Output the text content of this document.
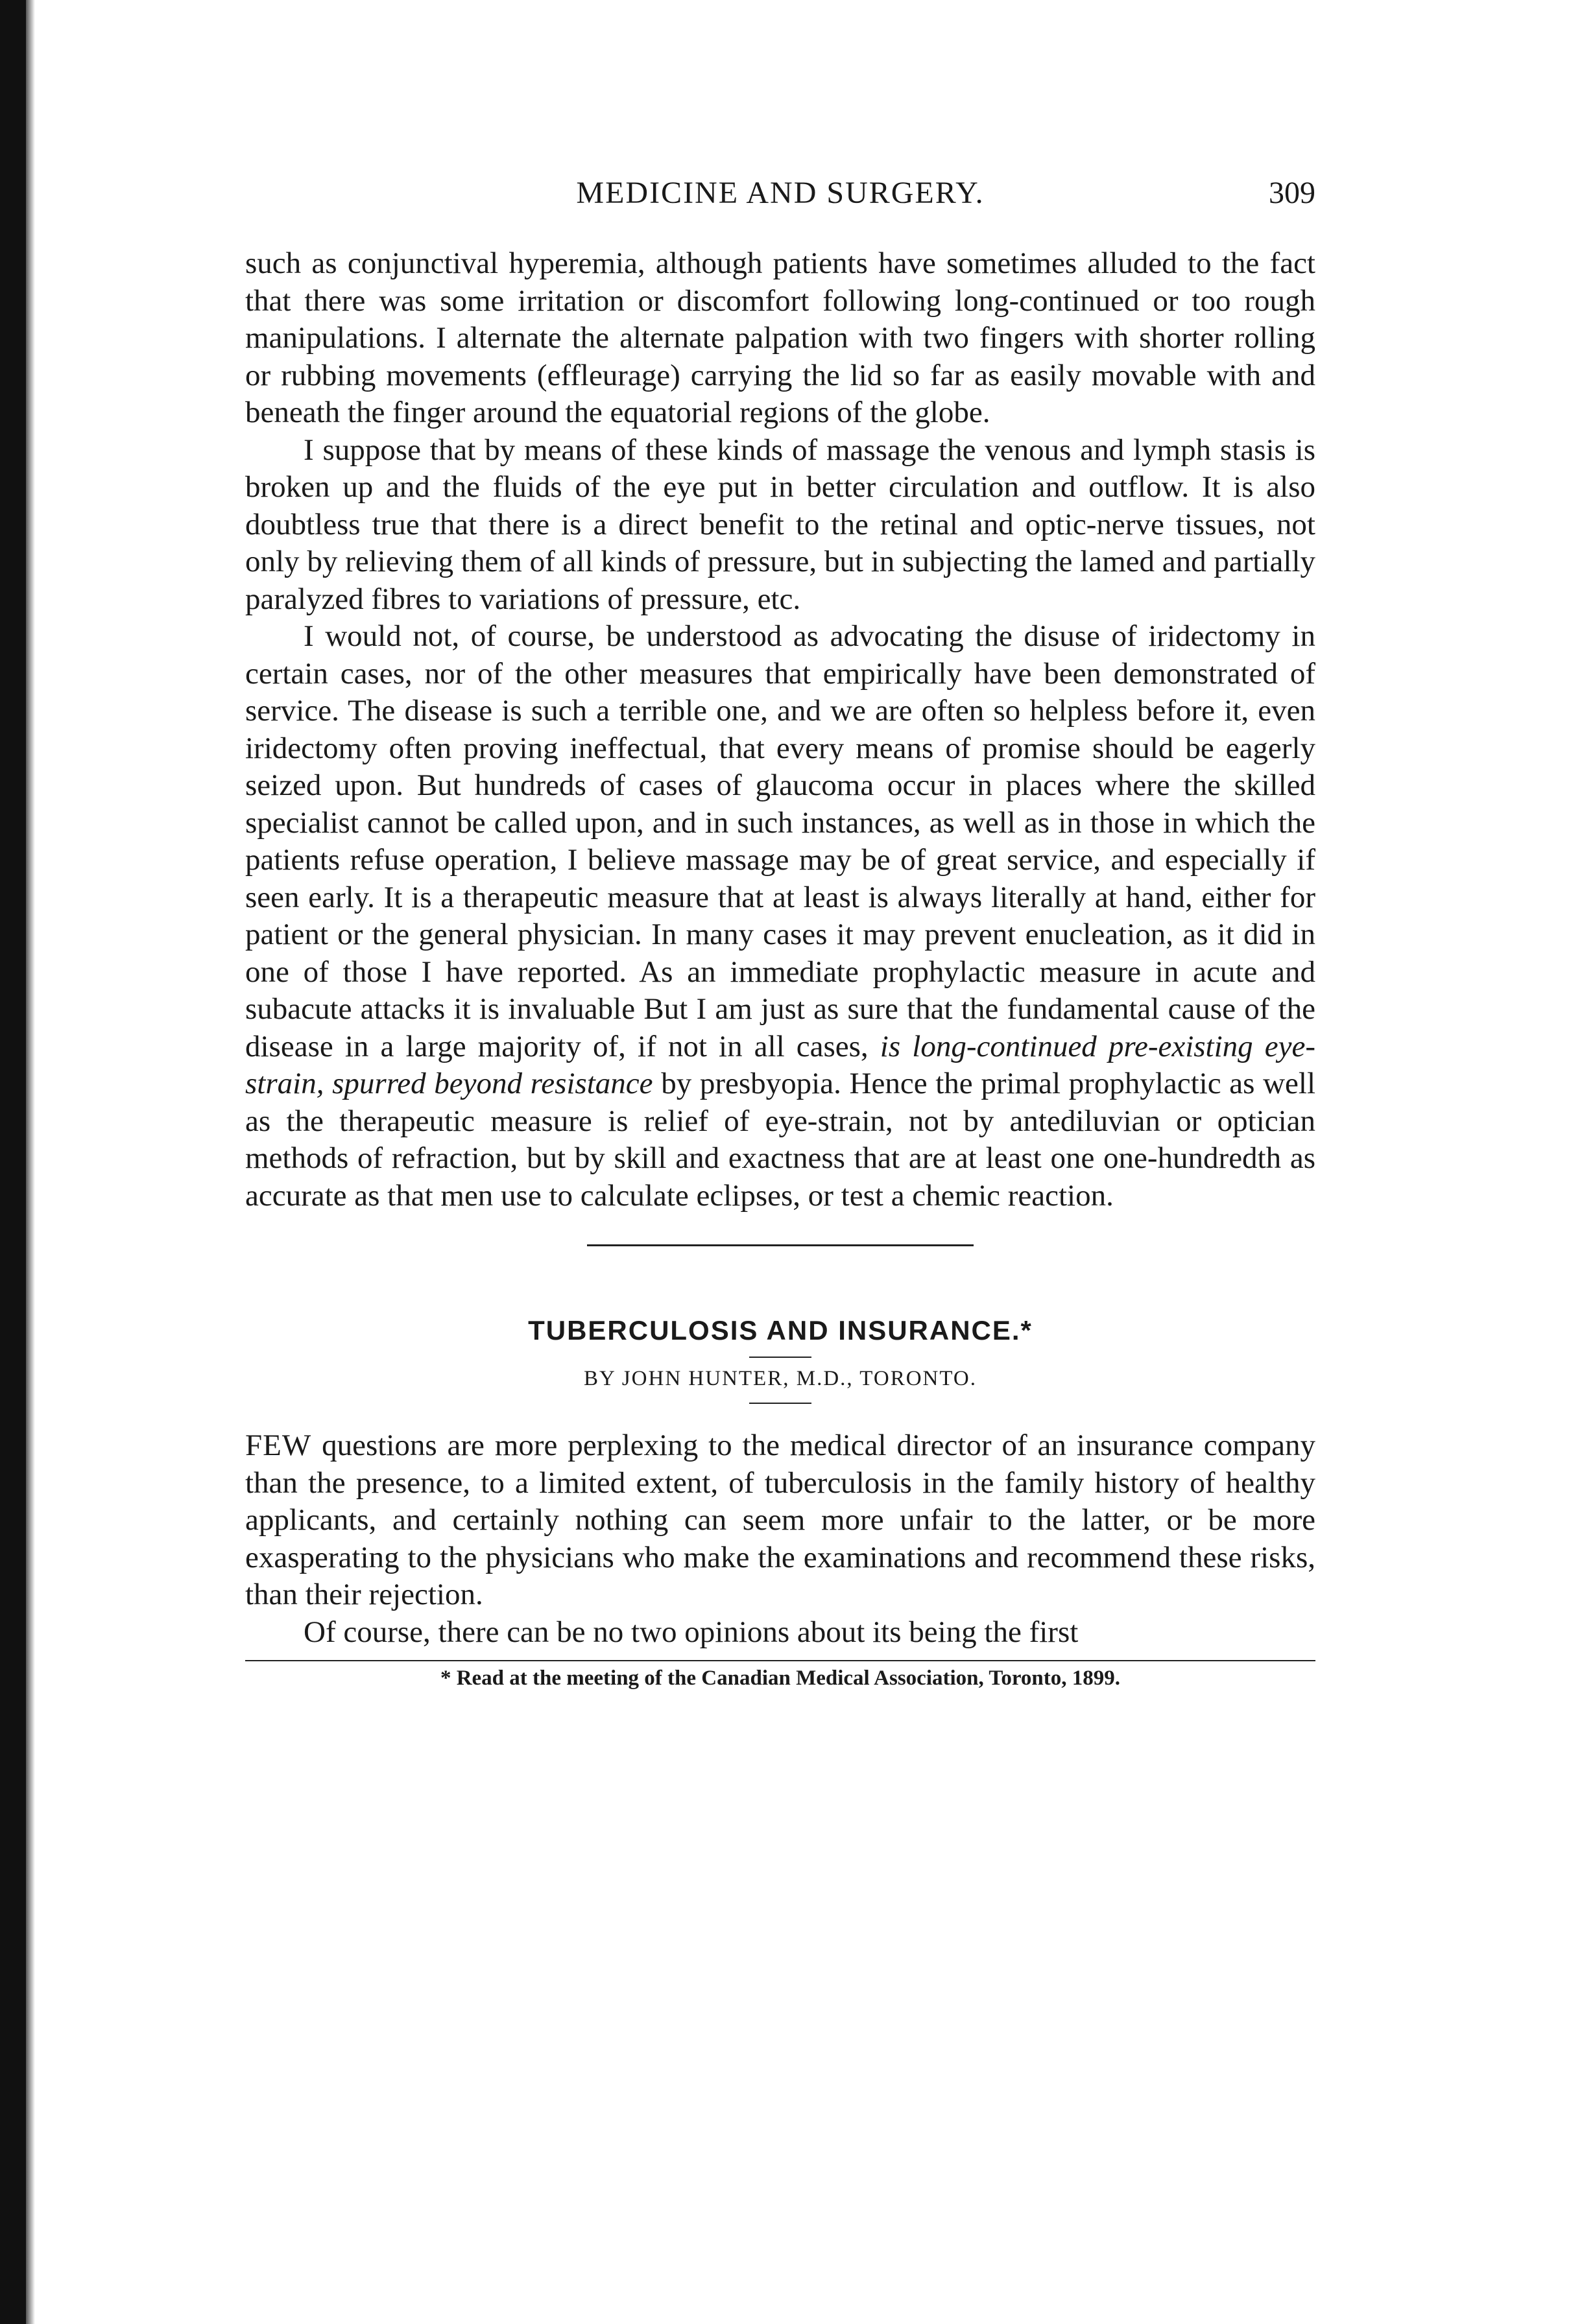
MEDICINE AND SURGERY.	309

such as conjunctival hyperemia, although patients have sometimes alluded to the fact that there was some irritation or discomfort following long-continued or too rough manipulations. I alternate the alternate palpation with two fingers with shorter rolling or rubbing movements (effleurage) carrying the lid so far as easily movable with and beneath the finger around the equatorial regions of the globe.

I suppose that by means of these kinds of massage the venous and lymph stasis is broken up and the fluids of the eye put in better circulation and outflow. It is also doubtless true that there is a direct benefit to the retinal and optic-nerve tissues, not only by relieving them of all kinds of pressure, but in subjecting the lamed and partially paralyzed fibres to variations of pressure, etc.

I would not, of course, be understood as advocating the disuse of iridectomy in certain cases, nor of the other measures that empirically have been demonstrated of service. The disease is such a terrible one, and we are often so helpless before it, even iridectomy often proving ineffectual, that every means of promise should be eagerly seized upon. But hundreds of cases of glaucoma occur in places where the skilled specialist cannot be called upon, and in such instances, as well as in those in which the patients refuse operation, I believe massage may be of great service, and especially if seen early. It is a therapeutic measure that at least is always literally at hand, either for patient or the general physician. In many cases it may prevent enucleation, as it did in one of those I have reported. As an immediate prophylactic measure in acute and subacute attacks it is invaluable But I am just as sure that the fundamental cause of the disease in a large majority of, if not in all cases, is long-continued pre-existing eye-strain, spurred beyond resistance by presbyopia. Hence the primal prophylactic as well as the therapeutic measure is relief of eye-strain, not by antediluvian or optician methods of refraction, but by skill and exactness that are at least one one-hundredth as accurate as that men use to calculate eclipses, or test a chemic reaction.

TUBERCULOSIS AND INSURANCE.*
BY JOHN HUNTER, M.D., TORONTO.

FEW questions are more perplexing to the medical director of an insurance company than the presence, to a limited extent, of tuberculosis in the family history of healthy applicants, and certainly nothing can seem more unfair to the latter, or be more exasperating to the physicians who make the examinations and recommend these risks, than their rejection.

Of course, there can be no two opinions about its being the first

* Read at the meeting of the Canadian Medical Association, Toronto, 1899.
